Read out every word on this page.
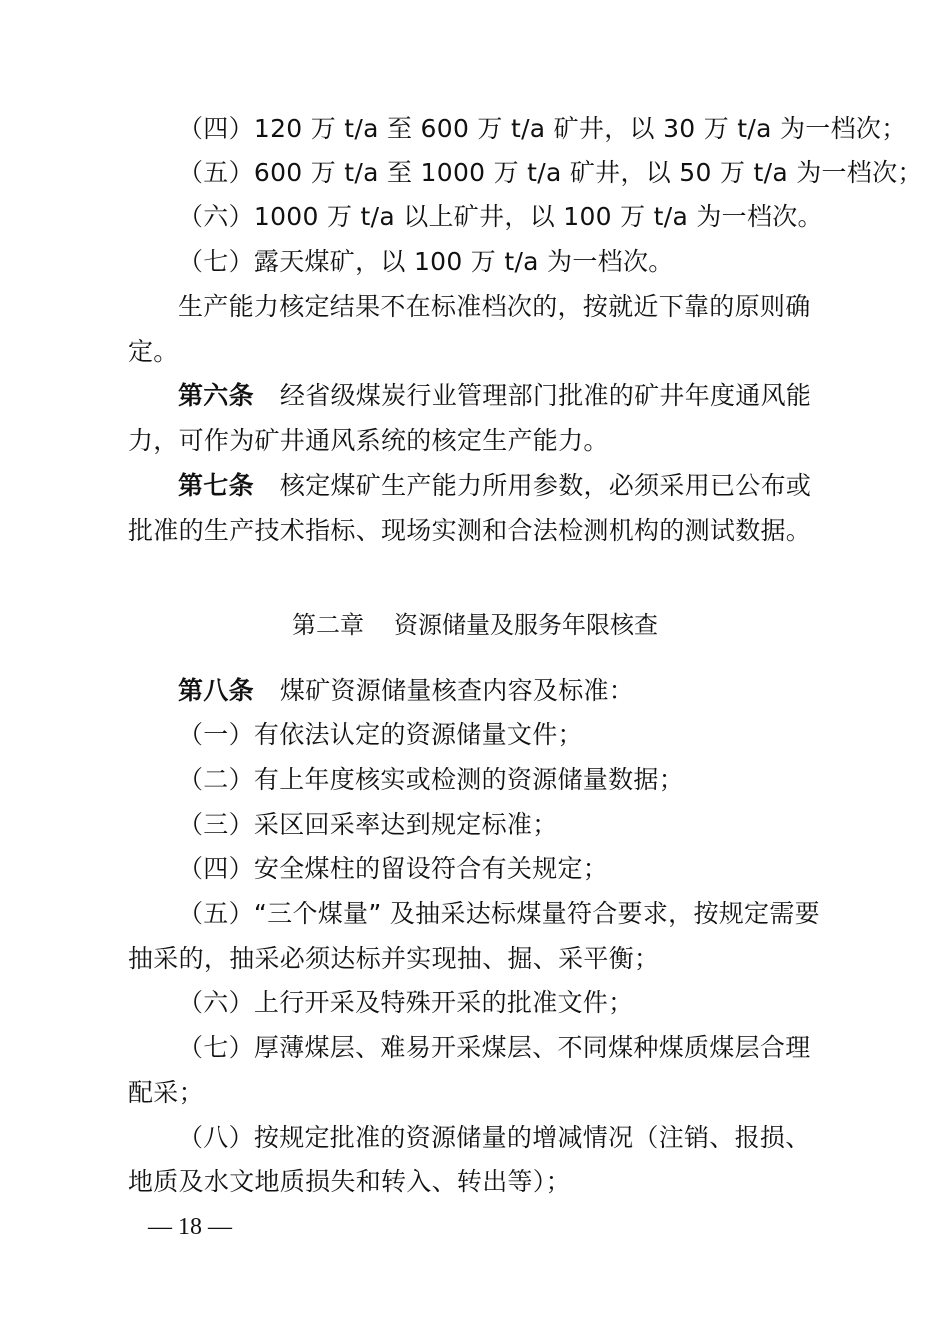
（四）120 万 t/a 至 600 万 t/a 矿井，以 30 万 t/a 为一档次；
（五）600 万 t/a 至 1000 万 t/a 矿井，以 50 万 t/a 为一档次；
（六）1000 万 t/a 以上矿井，以 100 万 t/a 为一档次。
（七）露天煤矿，以 100 万 t/a 为一档次。
生产能力核定结果不在标准档次的，按就近下靠的原则确
定。
第六条 经省级煤炭行业管理部门批准的矿井年度通风能
力，可作为矿井通风系统的核定生产能力。
第七条 核定煤矿生产能力所用参数，必须采用已公布或
批准的生产技术指标、现场实测和合法检测机构的测试数据。
第二章 资源储量及服务年限核查
第八条 煤矿资源储量核查内容及标准：
（一）有依法认定的资源储量文件；
（二）有上年度核实或检测的资源储量数据；
（三）采区回采率达到规定标准；
（四）安全煤柱的留设符合有关规定；
（五）“三个煤量” 及抽采达标煤量符合要求，按规定需要
抽采的，抽采必须达标并实现抽、掘、采平衡；
（六）上行开采及特殊开采的批准文件；
（七）厚薄煤层、难易开采煤层、不同煤种煤质煤层合理
配采；
（八）按规定批准的资源储量的增减情况（注销、报损、
地质及水文地质损失和转入、转出等）；
— 18 —
